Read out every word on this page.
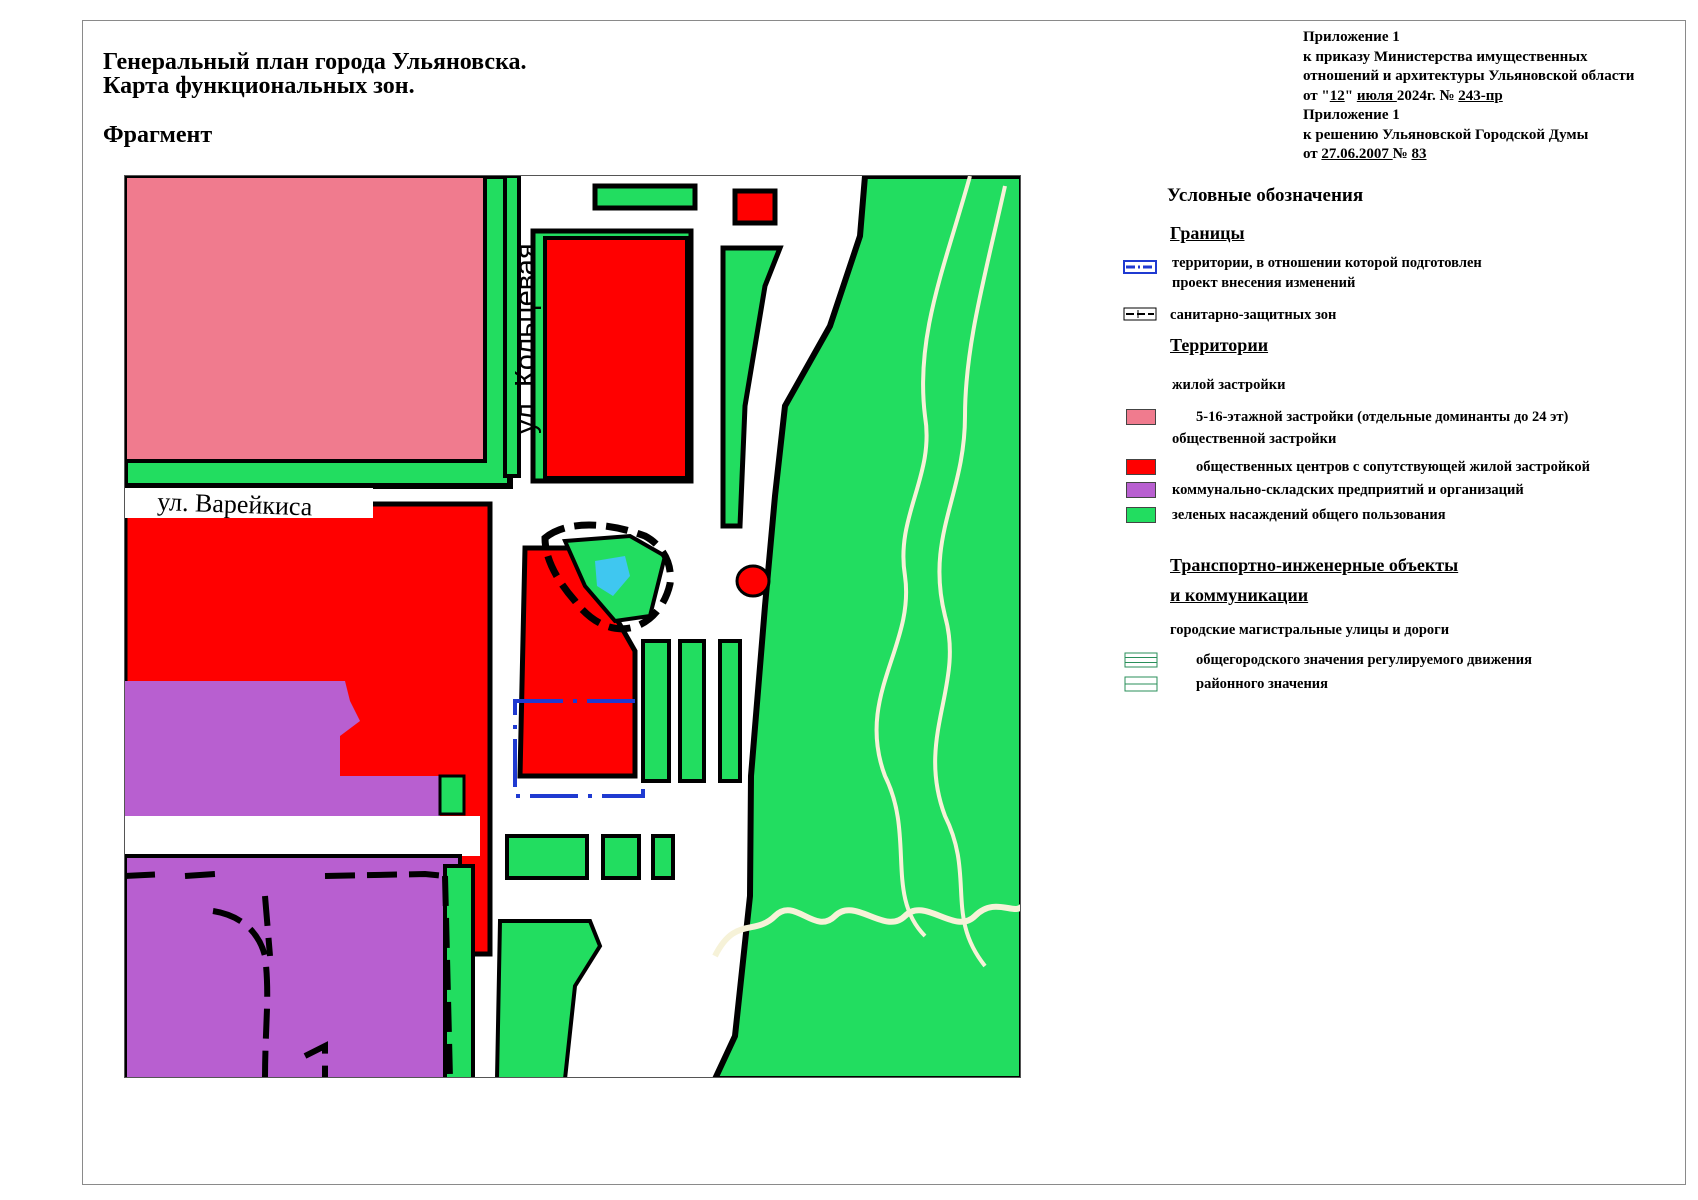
Генеральный план города Ульяновска.
Карта функциональных зон.
Фрагмент
Приложение 1
к приказу Министерства имущественных
отношений и архитектуры Ульяновской области
от "12" июля 2024г. № 243-пр
Приложение 1
к решению Ульяновской Городской Думы
от 27.06.2007 № 83
ул. Варейкиса
ул. Кольцевая
Условные обозначения
Границы
территории, в отношении которой подготовлен
проект внесения изменений
санитарно-защитных зон
Территории
жилой застройки
5-16-этажной застройки (отдельные доминанты до 24 эт)
общественной застройки
общественных центров с сопутствующей жилой застройкой
коммунально-складских предприятий и организаций
зеленых насаждений общего пользования
Транспортно-инженерные объекты
и коммуникации
городские магистральные улицы и дороги
общегородского значения регулируемого движения
районного значения
